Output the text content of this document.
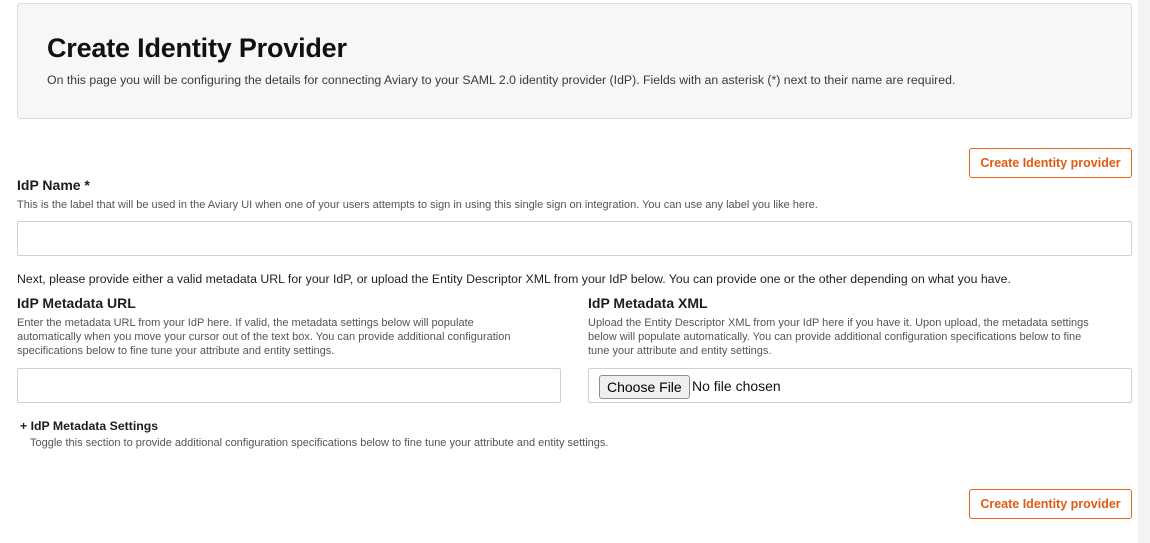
Create Identity Provider

On this page you will be configuring the details for connecting Aviary to your SAML 2.0 identity provider (IdP). Fields with an asterisk (*) next to their name are required.

Create Identity provider
IdP Name *
This is the label that will be used in the Aviary UI when one of your users attempts to sign in using this single sign on integration. You can use any label you like here.
Next, please provide either a valid metadata URL for your IdP, or upload the Entity Descriptor XML from your IdP below. You can provide one or the other depending on what you have.
IdP Metadata URL
Enter the metadata URL from your IdP here. If valid, the metadata settings below will populate
automatically when you move your cursor out of the text box. You can provide additional configuration
specifications below to fine tune your attribute and entity settings.
IdP Metadata XML
Upload the Entity Descriptor XML from your IdP here if you have it. Upon upload, the metadata settings
below will populate automatically. You can provide additional configuration specifications below to fine
tune your attribute and entity settings.
Choose File No file chosen
+ IdP Metadata Settings
Toggle this section to provide additional configuration specifications below to fine tune your attribute and entity settings.
Create Identity provider
